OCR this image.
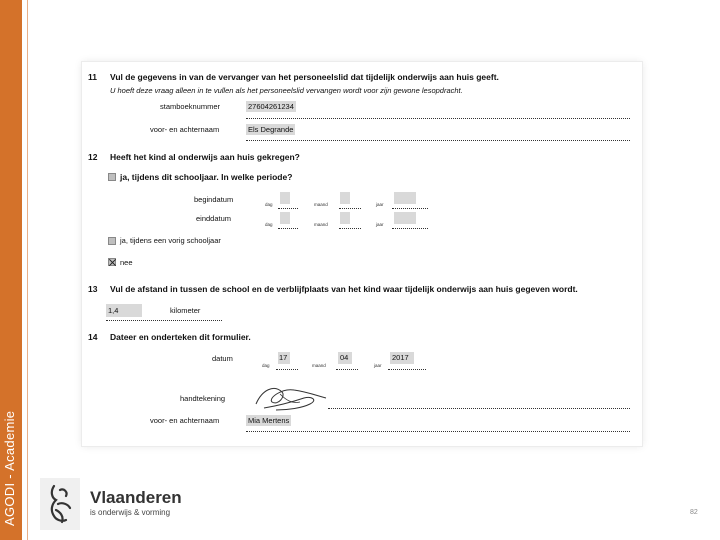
AGODI - Academie
11 Vul de gegevens in van de vervanger van het personeelslid dat tijdelijk onderwijs aan huis geeft.
U hoeft deze vraag alleen in te vullen als het personeelslid vervangen wordt voor zijn gewone lesopdracht.
stamboeknummer	27604261234
voor- en achternaam	Els Degrande
12 Heeft het kind al onderwijs aan huis gekregen?
ja, tijdens dit schooljaar. In welke periode?
begindatum
dag	maand	jaar
einddatum
dag	maand	jaar
ja, tijdens een vorig schooljaar
nee
13 Vul de afstand in tussen de school en de verblijfplaats van het kind waar tijdelijk onderwijs aan huis gegeven wordt.
1,4	kilometer
14 Dateer en onderteken dit formulier.
datum	17	04	2017
dag	maand	jaar
handtekening
voor- en achternaam	Mia Mertens
Vlaanderen
is onderwijs & vorming	82
